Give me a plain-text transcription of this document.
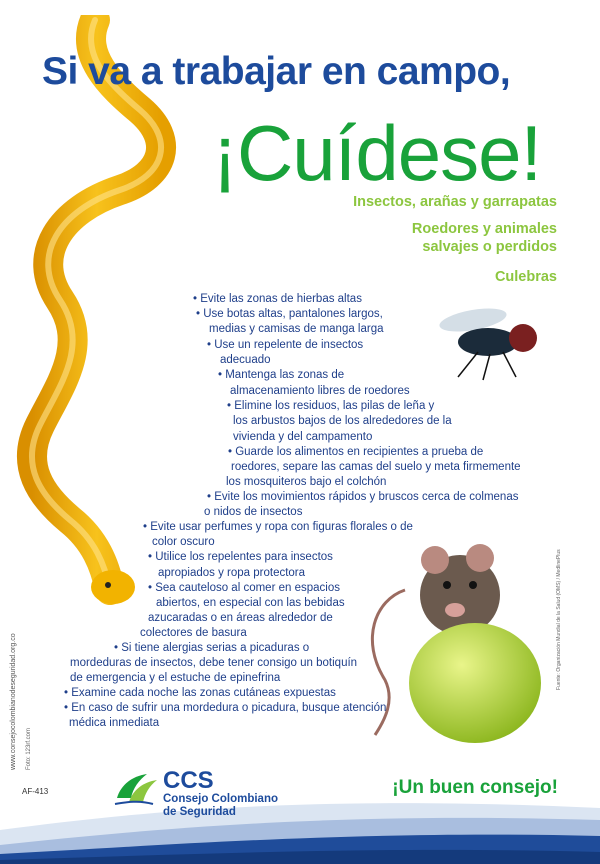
Si va a trabajar en campo,
¡Cuídese!
Insectos, arañas y garrapatas
Roedores y animales
salvajes o perdidos
Culebras
• Evite las zonas de hierbas altas
• Use botas altas, pantalones largos,
medias y camisas de manga larga
• Use un repelente de insectos
adecuado
• Mantenga las zonas de
almacenamiento libres de roedores
• Elimine los residuos, las pilas de leña y
los arbustos bajos de los alrededores de la
vivienda y del campamento
• Guarde los alimentos en recipientes a prueba de
roedores, separe las camas del suelo y meta firmemente
los mosquiteros bajo el colchón
• Evite los movimientos rápidos y bruscos cerca de colmenas
o nidos de insectos
• Evite usar perfumes y ropa con figuras florales o de
color oscuro
• Utilice los repelentes para insectos
apropiados y ropa protectora
• Sea cauteloso al comer en espacios
abiertos, en especial con las bebidas
azucaradas o en áreas alrededor de
colectores de basura
• Si tiene alergias serias a picaduras o
mordeduras de insectos, debe tener consigo un botiquín
de emergencia y el estuche de epinefrina
• Examine cada noche las zonas cutáneas expuestas
• En caso de sufrir una mordedura o picadura, busque atención
médica inmediata
CCS
Consejo Colombiano
de Seguridad
¡Un buen consejo!
AF-413
www.consejocolombianodeseguridad.org.co Foto: 123rf.com
Fuente: Organización Mundial de la Salud (OMS) / MedlinePlus
